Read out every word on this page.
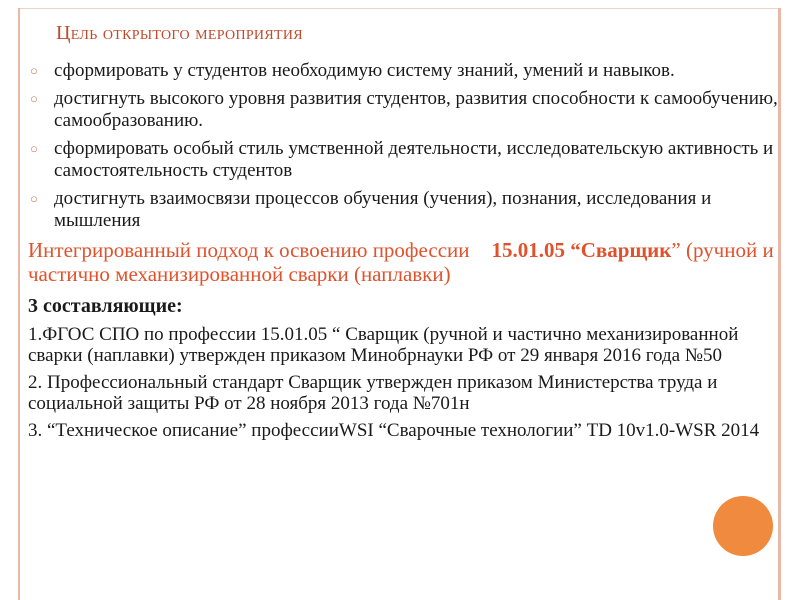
Цель открытого мероприятия
○ сформировать у студентов необходимую систему знаний, умений и навыков.
○ достигнуть высокого уровня развития студентов, развития способности к самообучению, самообразованию.
○ сформировать особый стиль умственной деятельности, исследовательскую активность и самостоятельность студентов
○ достигнуть взаимосвязи процессов обучения (учения), познания, исследования и мышления
Интегрированный подход к освоению профессии 15.01.05 “Сварщик” (ручной и частично механизированной сварки (наплавки)
3 составляющие:
1.ФГОС СПО по профессии 15.01.05 “ Сварщик (ручной и частично механизированной сварки (наплавки) утвержден приказом Минобрнауки РФ от 29 января 2016 года №50
2. Профессиональный стандарт Сварщик утвержден приказом Министерства труда и социальной защиты РФ от 28 ноября 2013 года №701н
3. “Техническое описание” профессииWSI “Сварочные технологии” TD 10v1.0-WSR 2014
